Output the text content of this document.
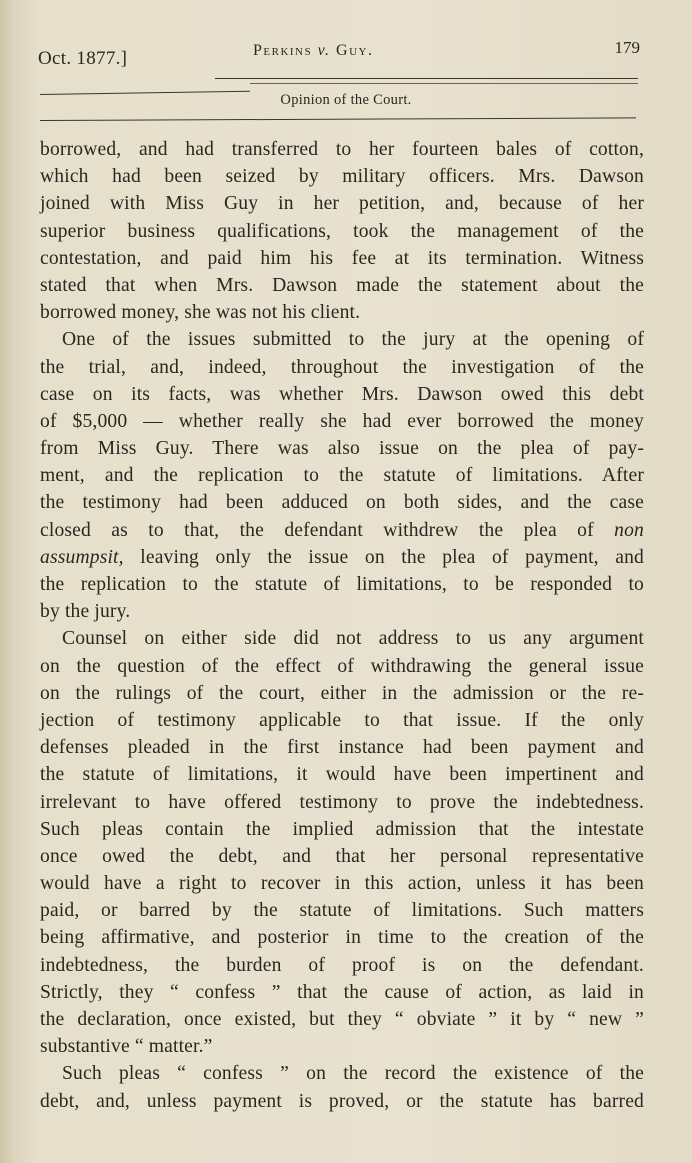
Oct. 1877.]	Perkins v. Guy.	179
Opinion of the Court.
borrowed, and had transferred to her fourteen bales of cotton,
which had been seized by military officers. Mrs. Dawson
joined with Miss Guy in her petition, and, because of her
superior business qualifications, took the management of the
contestation, and paid him his fee at its termination. Witness
stated that when Mrs. Dawson made the statement about the
borrowed money, she was not his client.
One of the issues submitted to the jury at the opening of
the trial, and, indeed, throughout the investigation of the
case on its facts, was whether Mrs. Dawson owed this debt
of $5,000 — whether really she had ever borrowed the money
from Miss Guy. There was also issue on the plea of pay-
ment, and the replication to the statute of limitations. After
the testimony had been adduced on both sides, and the case
closed as to that, the defendant withdrew the plea of non
assumpsit, leaving only the issue on the plea of payment, and
the replication to the statute of limitations, to be responded to
by the jury.
Counsel on either side did not address to us any argument
on the question of the effect of withdrawing the general issue
on the rulings of the court, either in the admission or the re-
jection of testimony applicable to that issue. If the only
defenses pleaded in the first instance had been payment and
the statute of limitations, it would have been impertinent and
irrelevant to have offered testimony to prove the indebtedness.
Such pleas contain the implied admission that the intestate
once owed the debt, and that her personal representative
would have a right to recover in this action, unless it has been
paid, or barred by the statute of limitations. Such matters
being affirmative, and posterior in time to the creation of the
indebtedness, the burden of proof is on the defendant.
Strictly, they “ confess ” that the cause of action, as laid in
the declaration, once existed, but they “ obviate ” it by “ new ”
substantive “ matter.”
Such pleas “ confess ” on the record the existence of the
debt, and, unless payment is proved, or the statute has barred
